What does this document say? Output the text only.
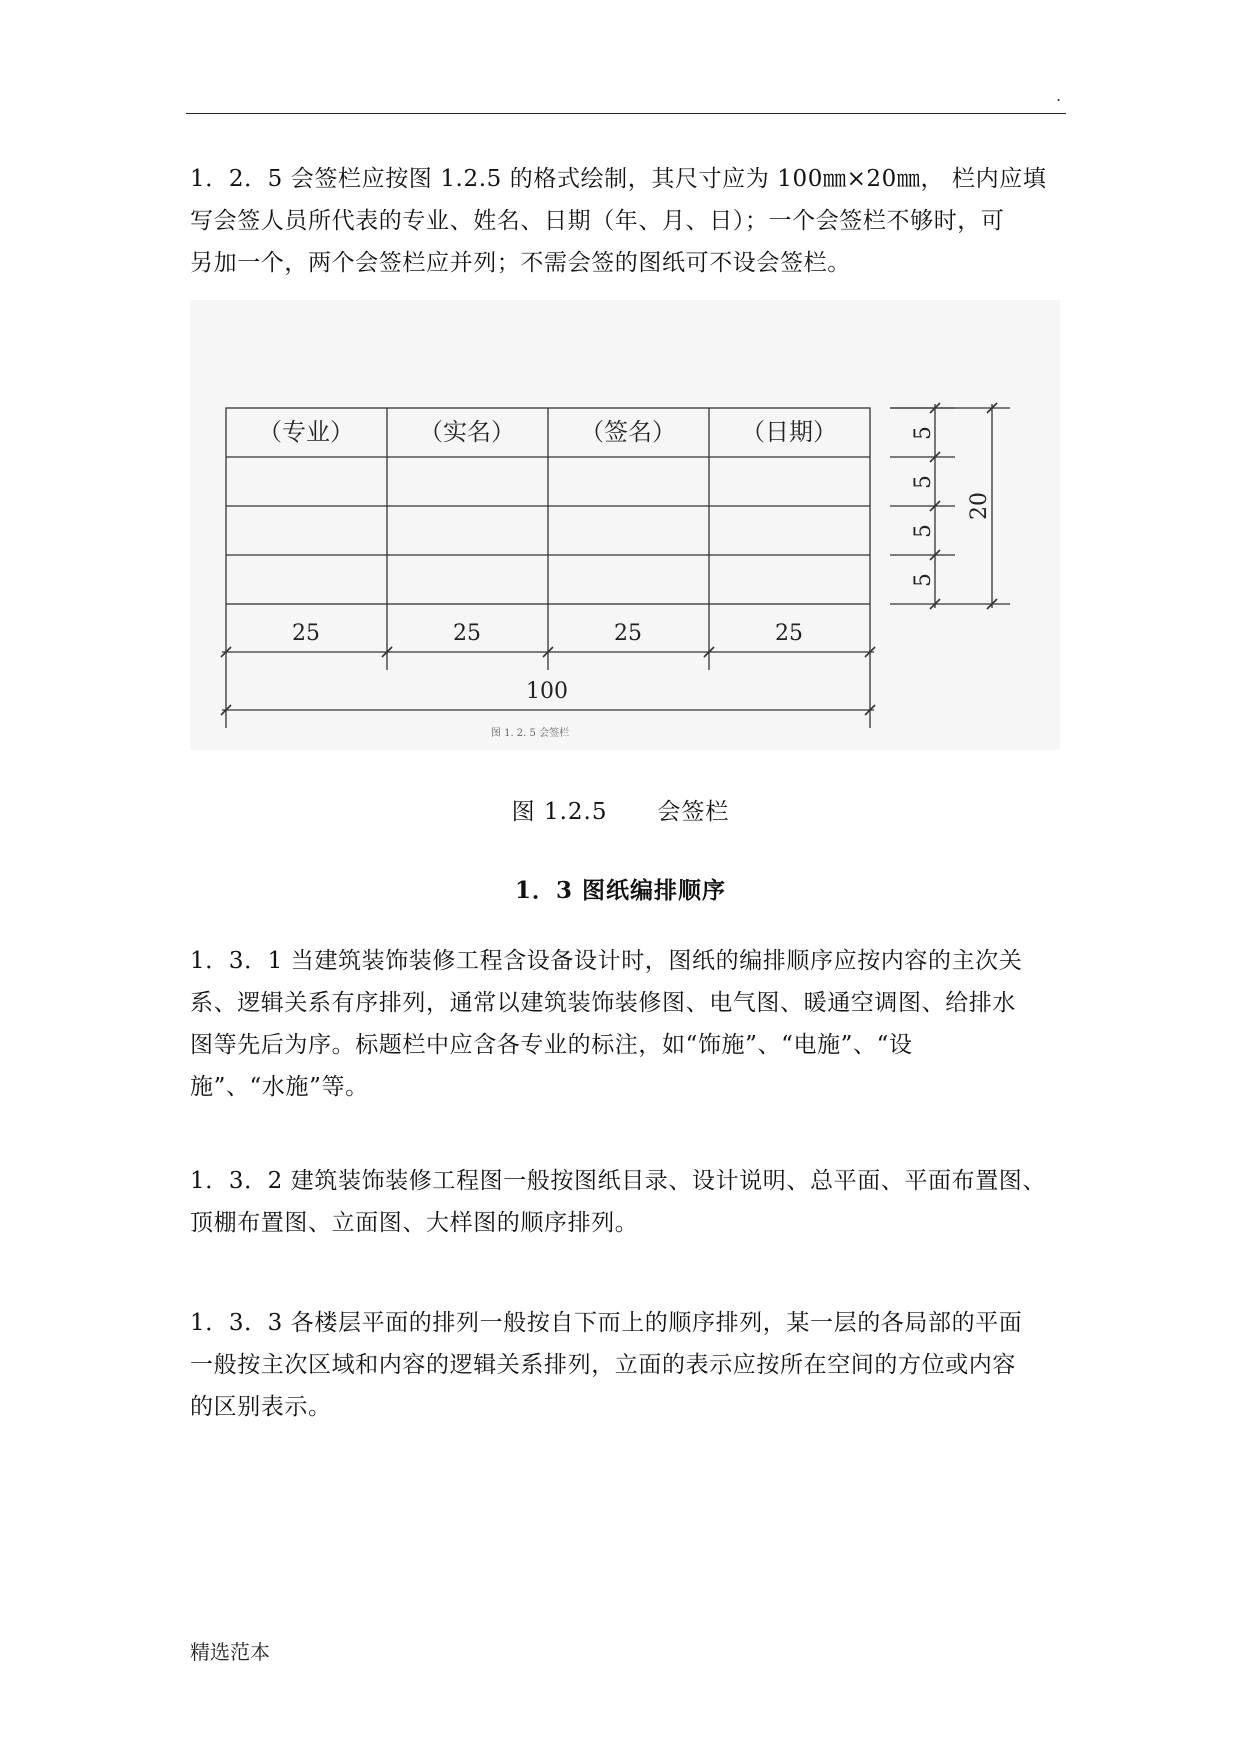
.

1．2．5 会签栏应按图 1.2.5 的格式绘制，其尺寸应为 100㎜×20㎜， 栏内应填
写会签人员所代表的专业、姓名、日期（年、月、日）；一个会签栏不够时，可
另加一个，两个会签栏应并列；不需会签的图纸可不设会签栏。

（专业）	（实名）	（签名）	（日期）
25	25	25	25
100
5
5
5
5
20
图 1. 2. 5 会签栏

图 1.2.5 会签栏

1．3 图纸编排顺序

1．3．1 当建筑装饰装修工程含设备设计时，图纸的编排顺序应按内容的主次关
系、逻辑关系有序排列，通常以建筑装饰装修图、电气图、暖通空调图、给排水
图等先后为序。标题栏中应含各专业的标注，如“饰施”、“电施”、“设
施”、“水施”等。

1．3．2 建筑装饰装修工程图一般按图纸目录、设计说明、总平面、平面布置图、
顶棚布置图、立面图、大样图的顺序排列。

1．3．3 各楼层平面的排列一般按自下而上的顺序排列，某一层的各局部的平面
一般按主次区域和内容的逻辑关系排列，立面的表示应按所在空间的方位或内容
的区别表示。

精选范本
